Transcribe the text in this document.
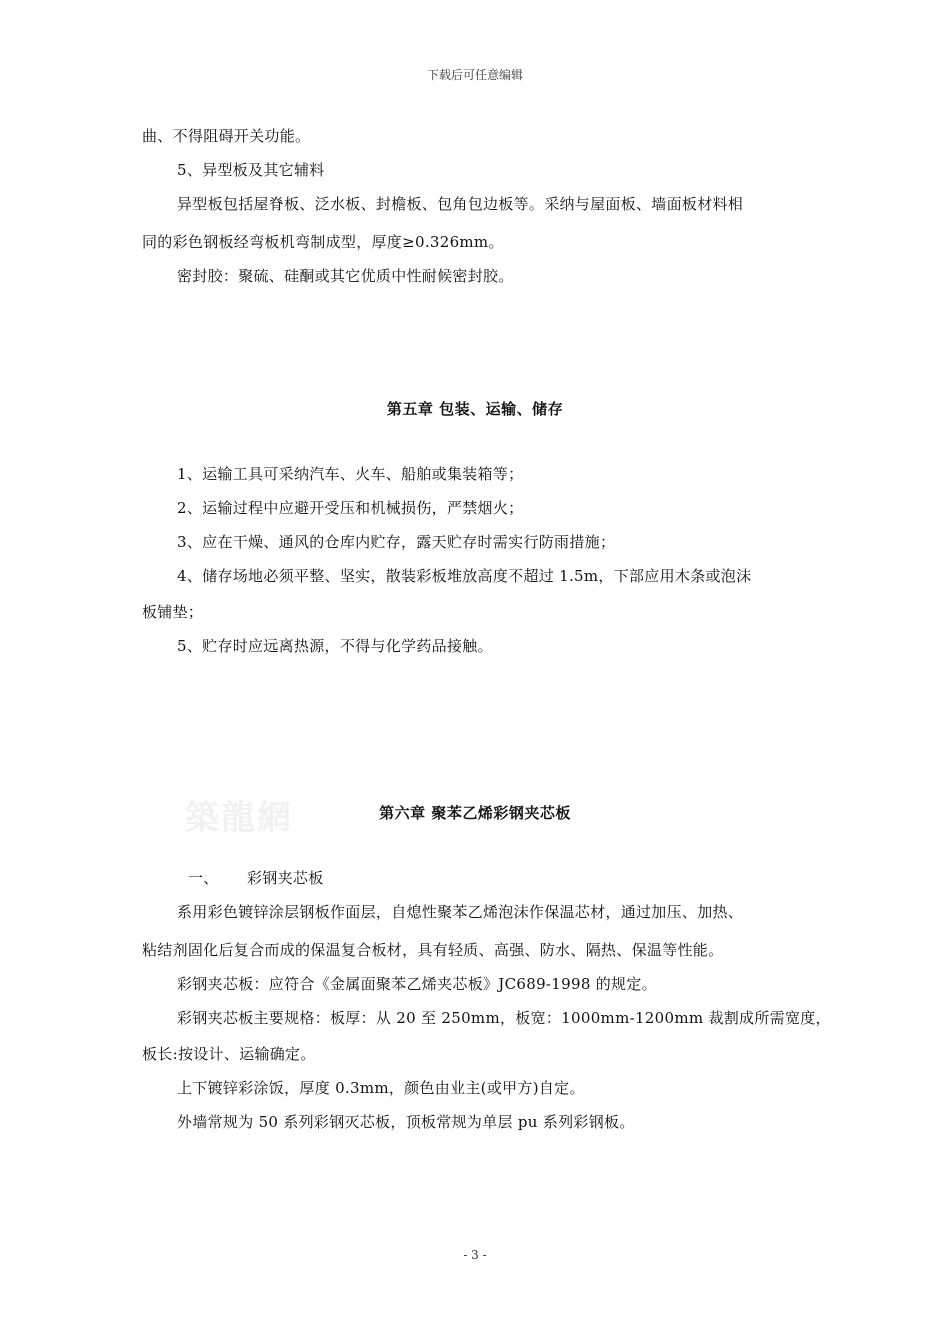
下载后可任意编辑
曲、不得阻碍开关功能。
5、异型板及其它辅料
异型板包括屋脊板、泛水板、封檐板、包角包边板等。采纳与屋面板、墙面板材料相
同的彩色钢板经弯板机弯制成型，厚度≥0.326mm。
密封胶：聚硫、硅酮或其它优质中性耐候密封胶。
第五章 包装、运输、储存
1、运输工具可采纳汽车、火车、船舶或集装箱等；
2、运输过程中应避开受压和机械损伤，严禁烟火；
3、应在干燥、通风的仓库内贮存，露天贮存时需实行防雨措施；
4、储存场地必须平整、坚实，散装彩板堆放高度不超过 1.5m，下部应用木条或泡沫
板铺垫；
5、贮存时应远离热源，不得与化学药品接触。
築龍網	第六章 聚苯乙烯彩钢夹芯板
一、 彩钢夹芯板
系用彩色镀锌涂层钢板作面层，自熄性聚苯乙烯泡沫作保温芯材，通过加压、加热、
粘结剂固化后复合而成的保温复合板材，具有轻质、高强、防水、隔热、保温等性能。
彩钢夹芯板：应符合《金属面聚苯乙烯夹芯板》JC689-1998 的规定。
彩钢夹芯板主要规格：板厚：从 20 至 250mm，板宽：1000mm-1200mm 裁割成所需宽度，
板长:按设计、运输确定。
上下镀锌彩涂饭，厚度 0.3mm，颜色由业主(或甲方)自定。
外墙常规为 50 系列彩钢灭芯板，顶板常规为单层 pu 系列彩钢板。
- 3 -
